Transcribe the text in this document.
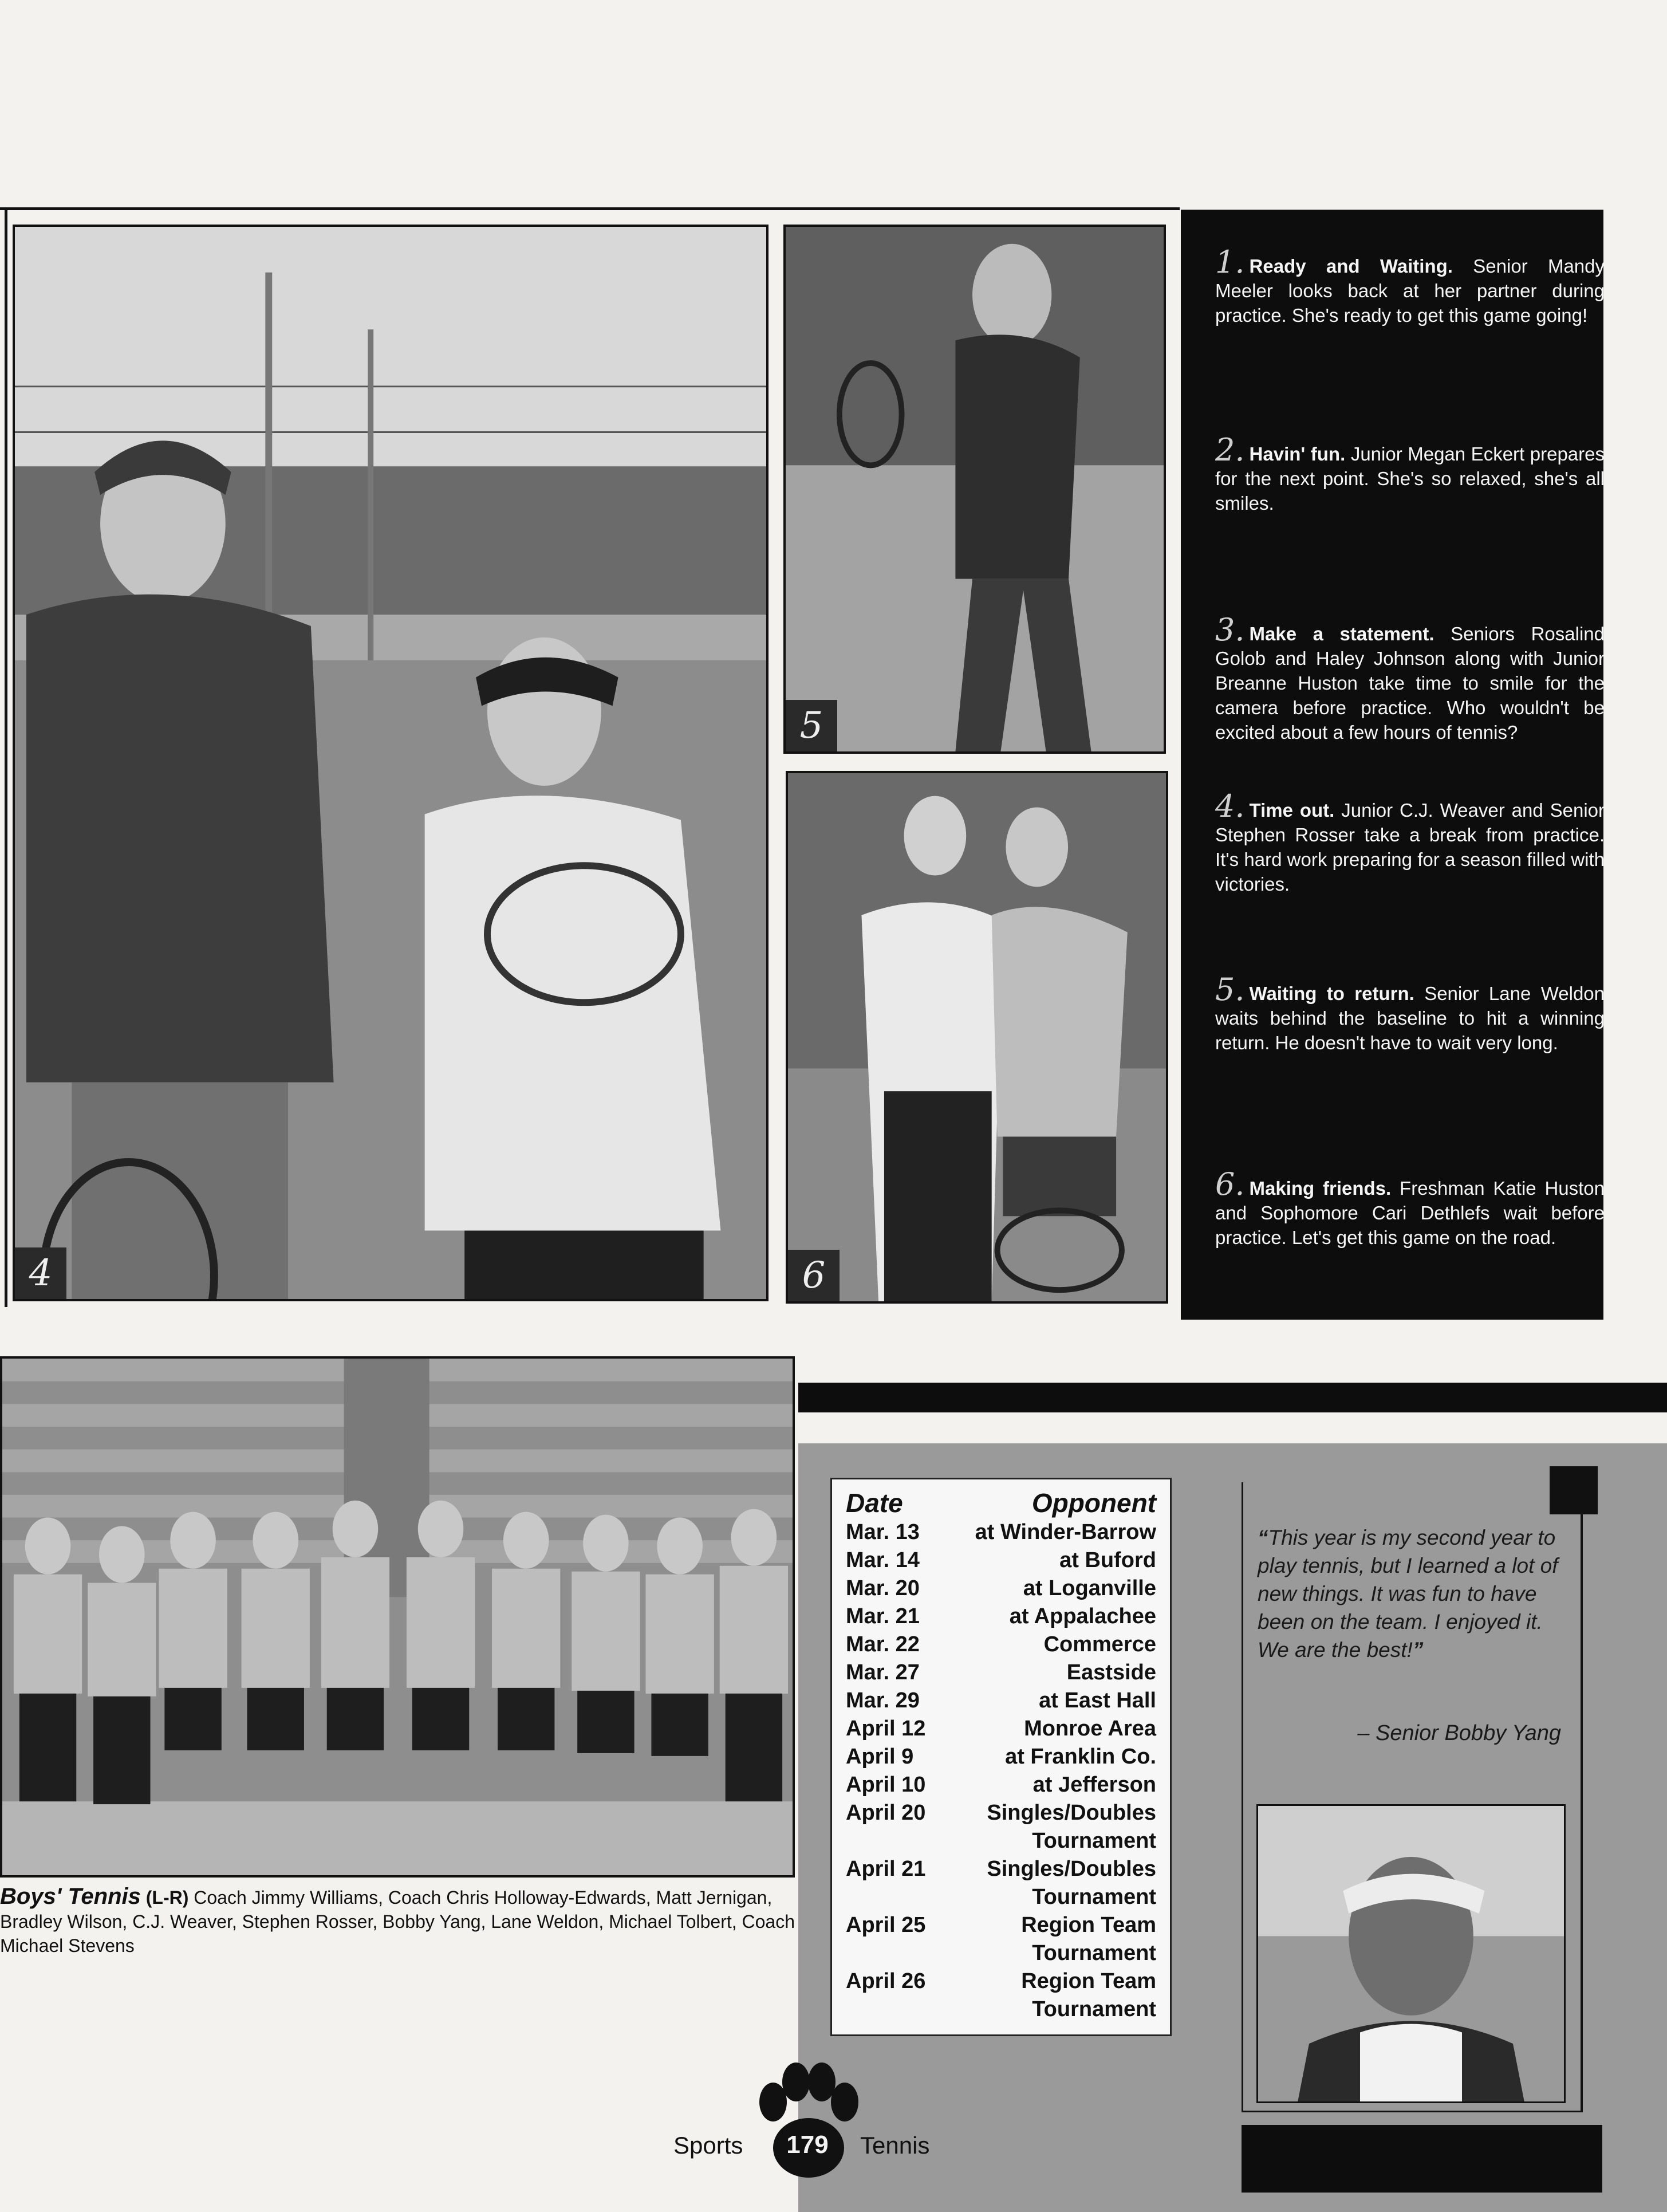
4
5
6
1. Ready and Waiting. Senior Mandy Meeler looks back at her partner during practice. She's ready to get this game going!
2. Havin' fun. Junior Megan Eckert prepares for the next point. She's so relaxed, she's all smiles.
3. Make a statement. Seniors Rosalind Golob and Haley Johnson along with Junior Breanne Huston take time to smile for the camera before practice. Who wouldn't be excited about a few hours of tennis?
4. Time out. Junior C.J. Weaver and Senior Stephen Rosser take a break from practice. It's hard work preparing for a season filled with victories.
5. Waiting to return. Senior Lane Weldon waits behind the baseline to hit a winning return. He doesn't have to wait very long.
6. Making friends. Freshman Katie Huston and Sophomore Cari Dethlefs wait before practice. Let's get this game on the road.
Boys' Tennis (L-R) Coach Jimmy Williams, Coach Chris Holloway-Edwards, Matt Jernigan, Bradley Wilson, C.J. Weaver, Stephen Rosser, Bobby Yang, Lane Weldon, Michael Tolbert, Coach Michael Stevens
Date	Opponent
Mar. 13	at Winder-Barrow
Mar. 14	at Buford
Mar. 20	at Loganville
Mar. 21	at Appalachee
Mar. 22	Commerce
Mar. 27	Eastside
Mar. 29	at East Hall
April 12	Monroe Area
April 9	at Franklin Co.
April 10	at Jefferson
April 20	Singles/Doubles
Tournament
April 21	Singles/Doubles
Tournament
April 25	Region Team
Tournament
April 26	Region Team
Tournament
“This year is my second year to play tennis, but I learned a lot of new things. It was fun to have been on the team. I enjoyed it. We are the best!”
– Senior Bobby Yang
Sports	179	Tennis
